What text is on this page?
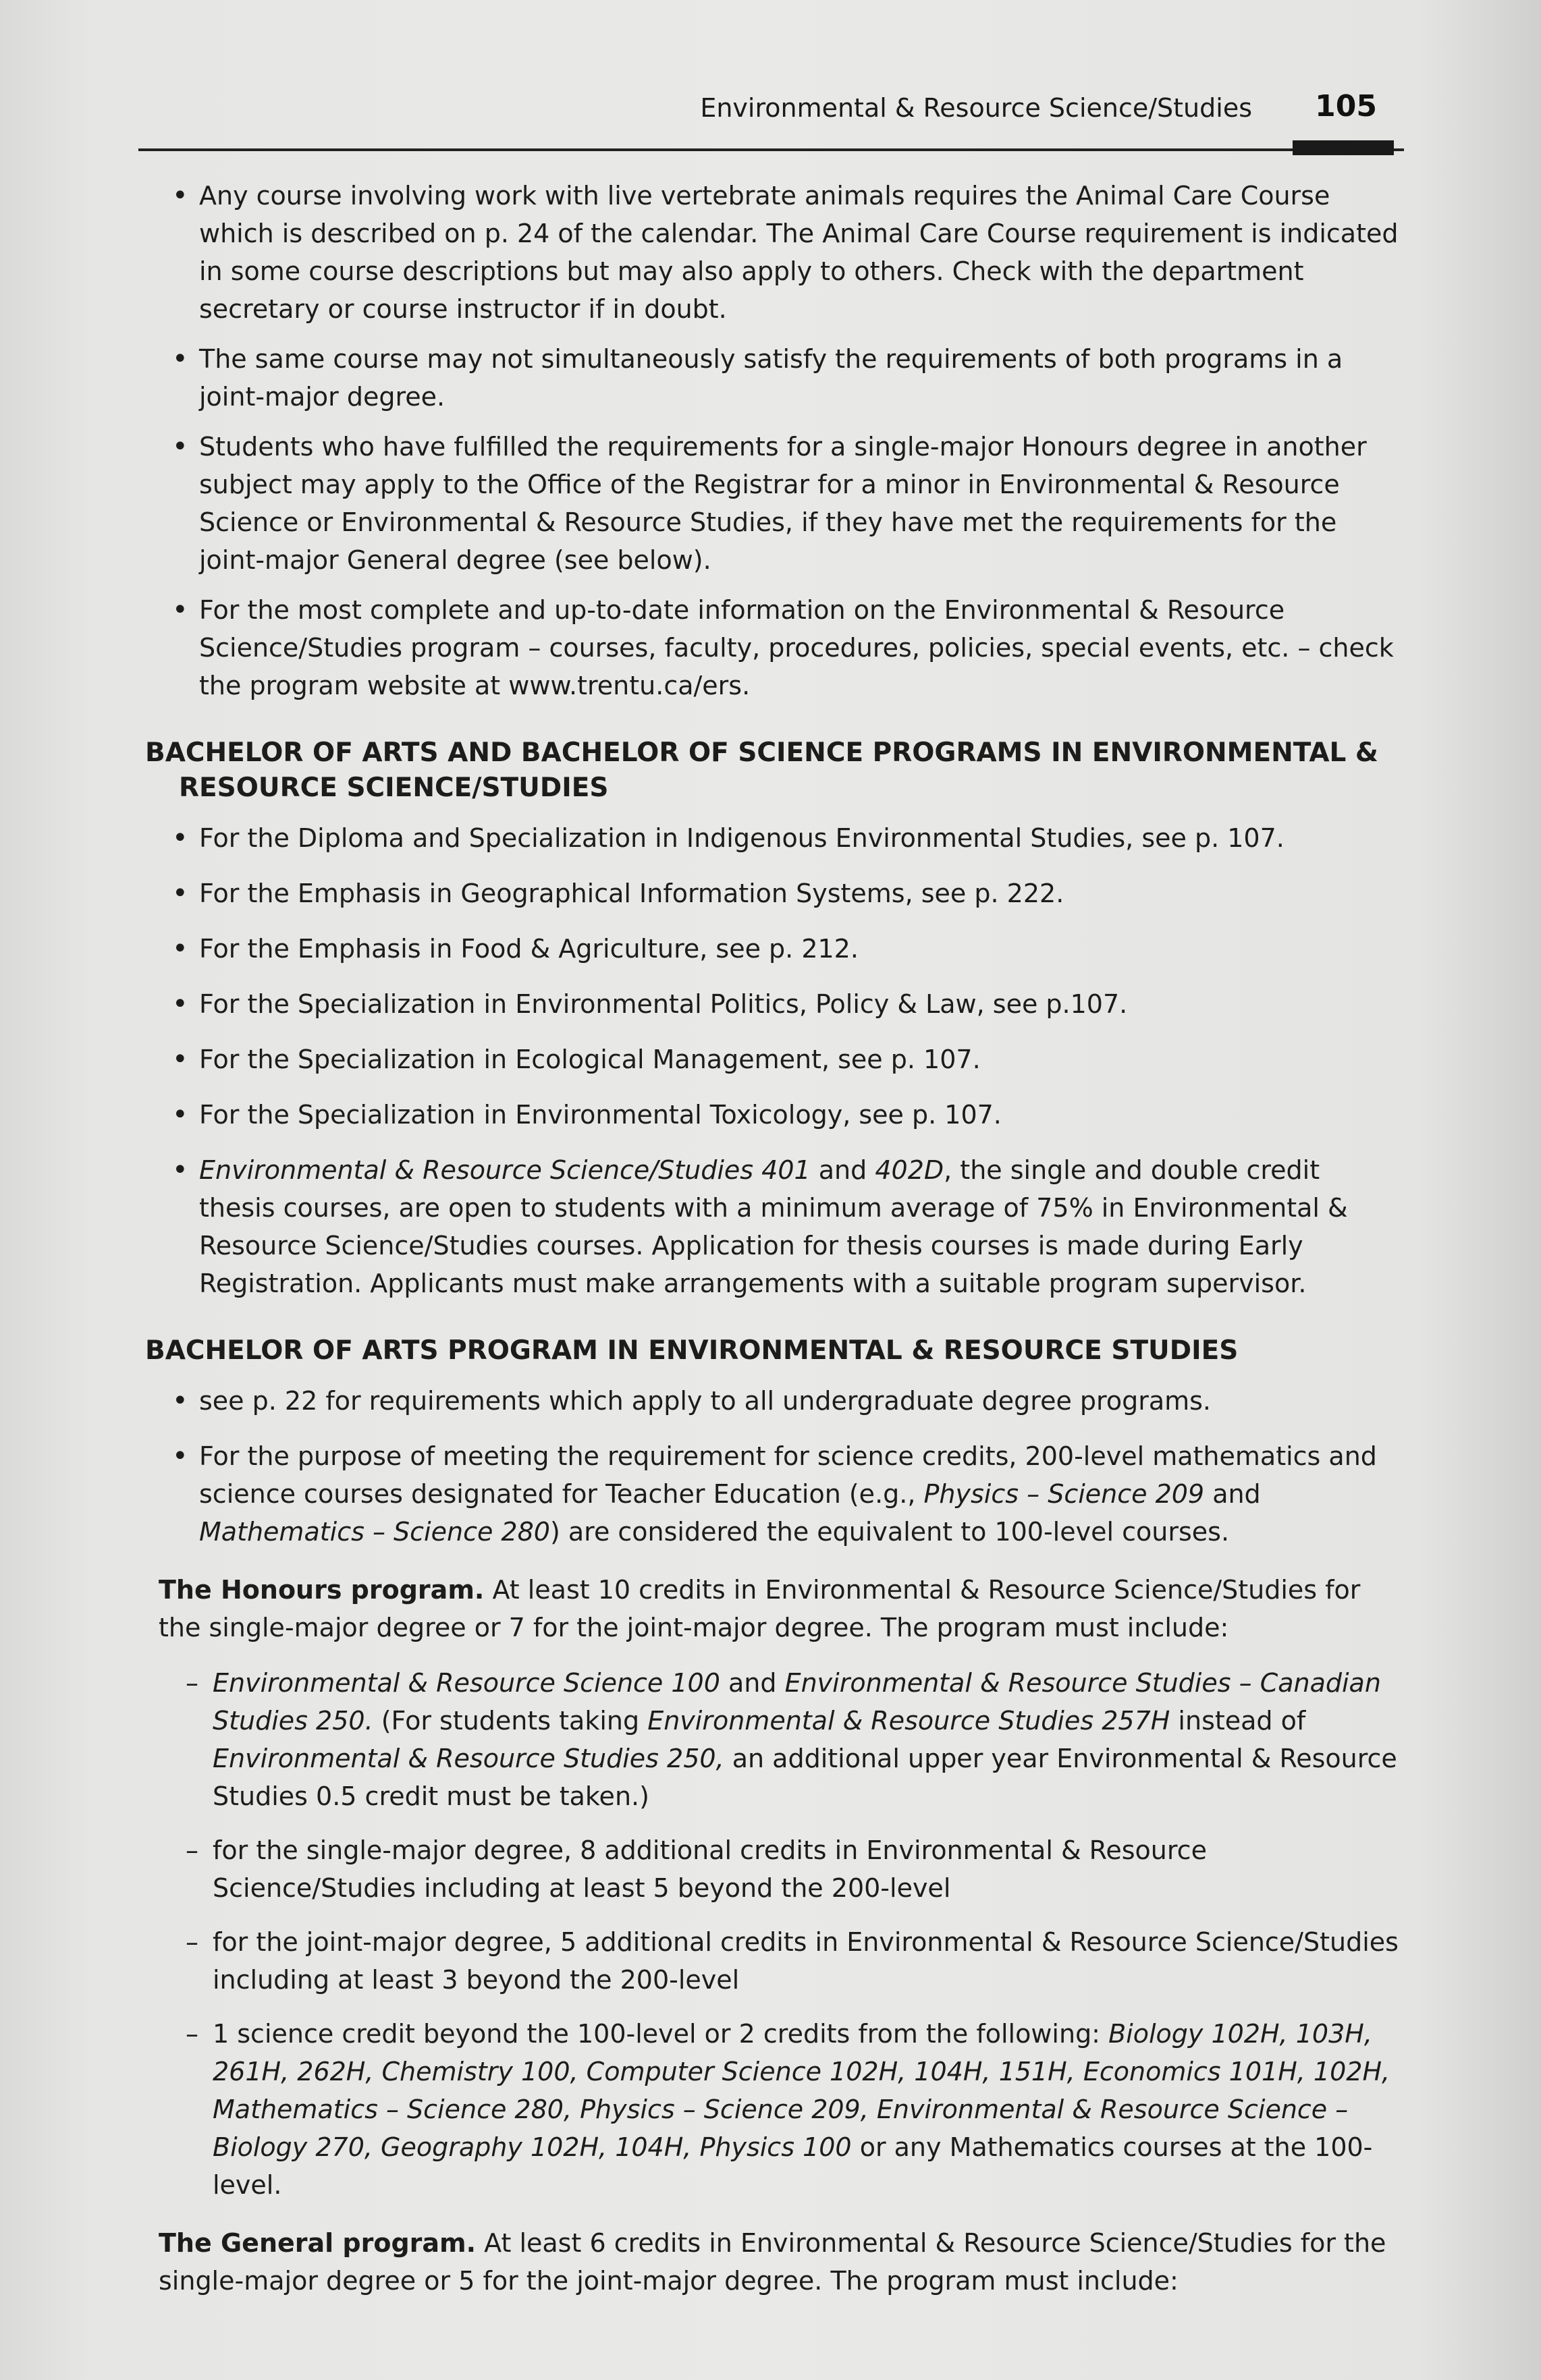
Environmental & Resource Science/Studies 105
• Any course involving work with live vertebrate animals requires the Animal Care Course which is described on p. 24 of the calendar. The Animal Care Course requirement is indicated in some course descriptions but may also apply to others. Check with the department secretary or course instructor if in doubt.
• The same course may not simultaneously satisfy the requirements of both programs in a joint-major degree.
• Students who have fulfilled the requirements for a single-major Honours degree in another subject may apply to the Office of the Registrar for a minor in Environmental & Resource Science or Environmental & Resource Studies, if they have met the requirements for the joint-major General degree (see below).
• For the most complete and up-to-date information on the Environmental & Resource Science/Studies program – courses, faculty, procedures, policies, special events, etc. – check the program website at www.trentu.ca/ers.
BACHELOR OF ARTS AND BACHELOR OF SCIENCE PROGRAMS IN ENVIRONMENTAL &
RESOURCE SCIENCE/STUDIES
• For the Diploma and Specialization in Indigenous Environmental Studies, see p. 107.
• For the Emphasis in Geographical Information Systems, see p. 222.
• For the Emphasis in Food & Agriculture, see p. 212.
• For the Specialization in Environmental Politics, Policy & Law, see p.107.
• For the Specialization in Ecological Management, see p. 107.
• For the Specialization in Environmental Toxicology, see p. 107.
• Environmental & Resource Science/Studies 401 and 402D, the single and double credit thesis courses, are open to students with a minimum average of 75% in Environmental & Resource Science/Studies courses. Application for thesis courses is made during Early Registration. Applicants must make arrangements with a suitable program supervisor.
BACHELOR OF ARTS PROGRAM IN ENVIRONMENTAL & RESOURCE STUDIES
• see p. 22 for requirements which apply to all undergraduate degree programs.
• For the purpose of meeting the requirement for science credits, 200-level mathematics and science courses designated for Teacher Education (e.g., Physics – Science 209 and Mathematics – Science 280) are considered the equivalent to 100-level courses.
The Honours program. At least 10 credits in Environmental & Resource Science/Studies for the single-major degree or 7 for the joint-major degree. The program must include:
– Environmental & Resource Science 100 and Environmental & Resource Studies – Canadian Studies 250. (For students taking Environmental & Resource Studies 257H instead of Environmental & Resource Studies 250, an additional upper year Environmental & Resource Studies 0.5 credit must be taken.)
– for the single-major degree, 8 additional credits in Environmental & Resource Science/Studies including at least 5 beyond the 200-level
– for the joint-major degree, 5 additional credits in Environmental & Resource Science/Studies including at least 3 beyond the 200-level
– 1 science credit beyond the 100-level or 2 credits from the following: Biology 102H, 103H, 261H, 262H, Chemistry 100, Computer Science 102H, 104H, 151H, Economics 101H, 102H, Mathematics – Science 280, Physics – Science 209, Environmental & Resource Science – Biology 270, Geography 102H, 104H, Physics 100 or any Mathematics courses at the 100-level.
The General program. At least 6 credits in Environmental & Resource Science/Studies for the single-major degree or 5 for the joint-major degree. The program must include:
